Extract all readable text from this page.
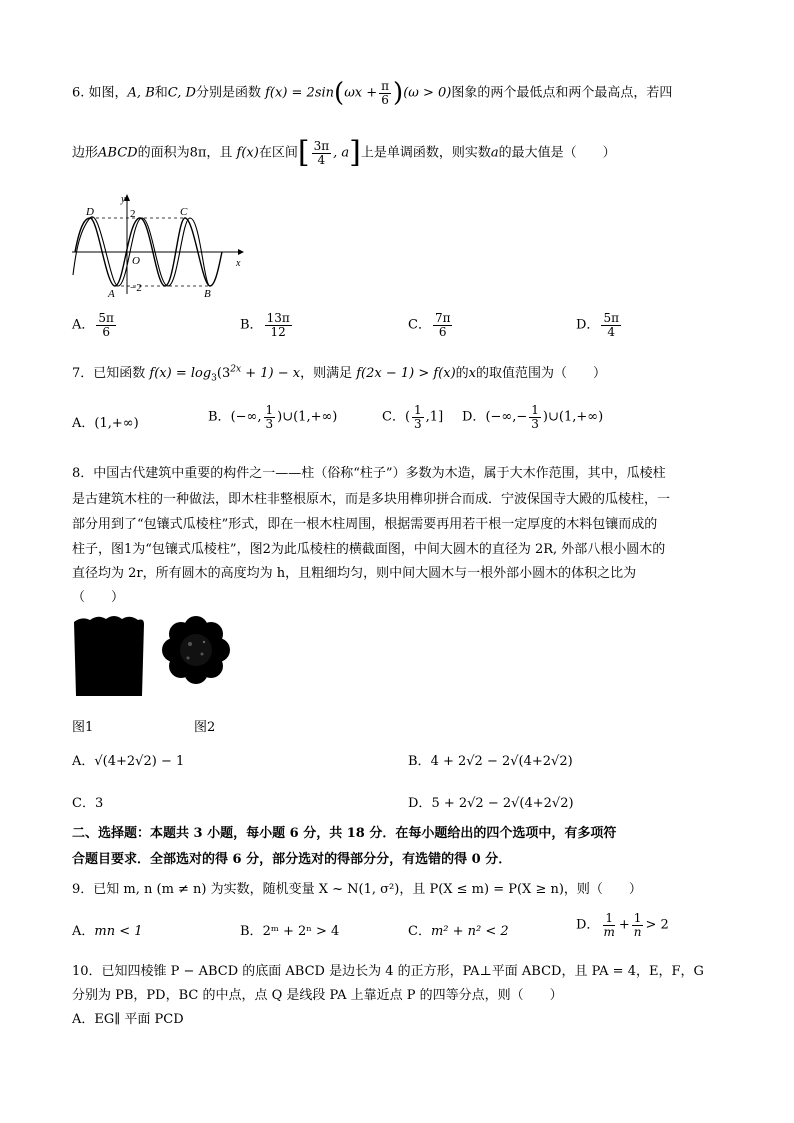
6. 如图，A, B和C, D分别是函数 $f(x) = 2\sin(\omega x + \frac{\pi}{6} )(\omega > 0)$图象的两个最低点和两个最高点，若四
边形ABCD的面积为8π，且 f(x)在区间[ $\frac{3\pi}{4}$ , a]上是单调函数，则实数a的最大值是（　　）
y
x
O
2
−2
D	C
A	B
A． $\frac{5\pi}{6}$	B． $\frac{13\pi}{12}$	C． $\frac{7\pi}{6}$	D． $\frac{5\pi}{4}$
7．已知函数 $f(x) = \log_3(3^{2x} + 1) - x$，则满足 f(2x − 1) > f(x)的x的取值范围为（　　）
A．(1,+∞)	B．(−∞, $\frac{1}{3}$ )∪(1,+∞)	C．( $\frac{1}{3} ,1$] D．(−∞,− $\frac{1}{3}$ )∪(1,+∞)
8．中国古代建筑中重要的构件之一——柱（俗称“柱子”）多数为木造，属于大木作范围，其中，瓜棱柱
是古建筑木柱的一种做法，即木柱非整根原木，而是多块用榫卯拼合而成．宁波保国寺大殿的瓜棱柱，一
部分用到了“包镶式瓜棱柱”形式，即在一根木柱周围，根据需要再用若干根一定厚度的木料包镶而成的
柱子，图1为“包镶式瓜棱柱”，图2为此瓜棱柱的横截面图，中间大圆木的直径为 2R, 外部八根小圆木的
直径均为 2r，所有圆木的高度均为 h，且粗细均匀，则中间大圆木与一根外部小圆木的体积之比为
（　　）
图1	图2
A．√(4+2√2) − 1	B．4 + 2√2 − 2√(4+2√2)
C．3	D．5 + 2√2 − 2√(4+2√2)
二、选择题：本题共 3 小题，每小题 6 分，共 18 分．在每小题给出的四个选项中，有多项符
合题目要求．全部选对的得 6 分，部分选对的得部分分，有选错的得 0 分．
9．已知 m, n (m ≠ n) 为实数，随机变量 X ~ N(1, σ²)，且 P(X ≤ m) = P(X ≥ n)，则（　　）
A．mn < 1	B．2ᵐ + 2ⁿ > 4	C．m² + n² < 2	D． $\frac{1}{m} + \frac{1}{n} > 2$
10．已知四棱锥 P − ABCD 的底面 ABCD 是边长为 4 的正方形，PA⊥平面 ABCD，且 PA = 4，E，F，G
分别为 PB，PD，BC 的中点，点 Q 是线段 PA 上靠近点 P 的四等分点，则（　　）
A．EG∥ 平面 PCD
